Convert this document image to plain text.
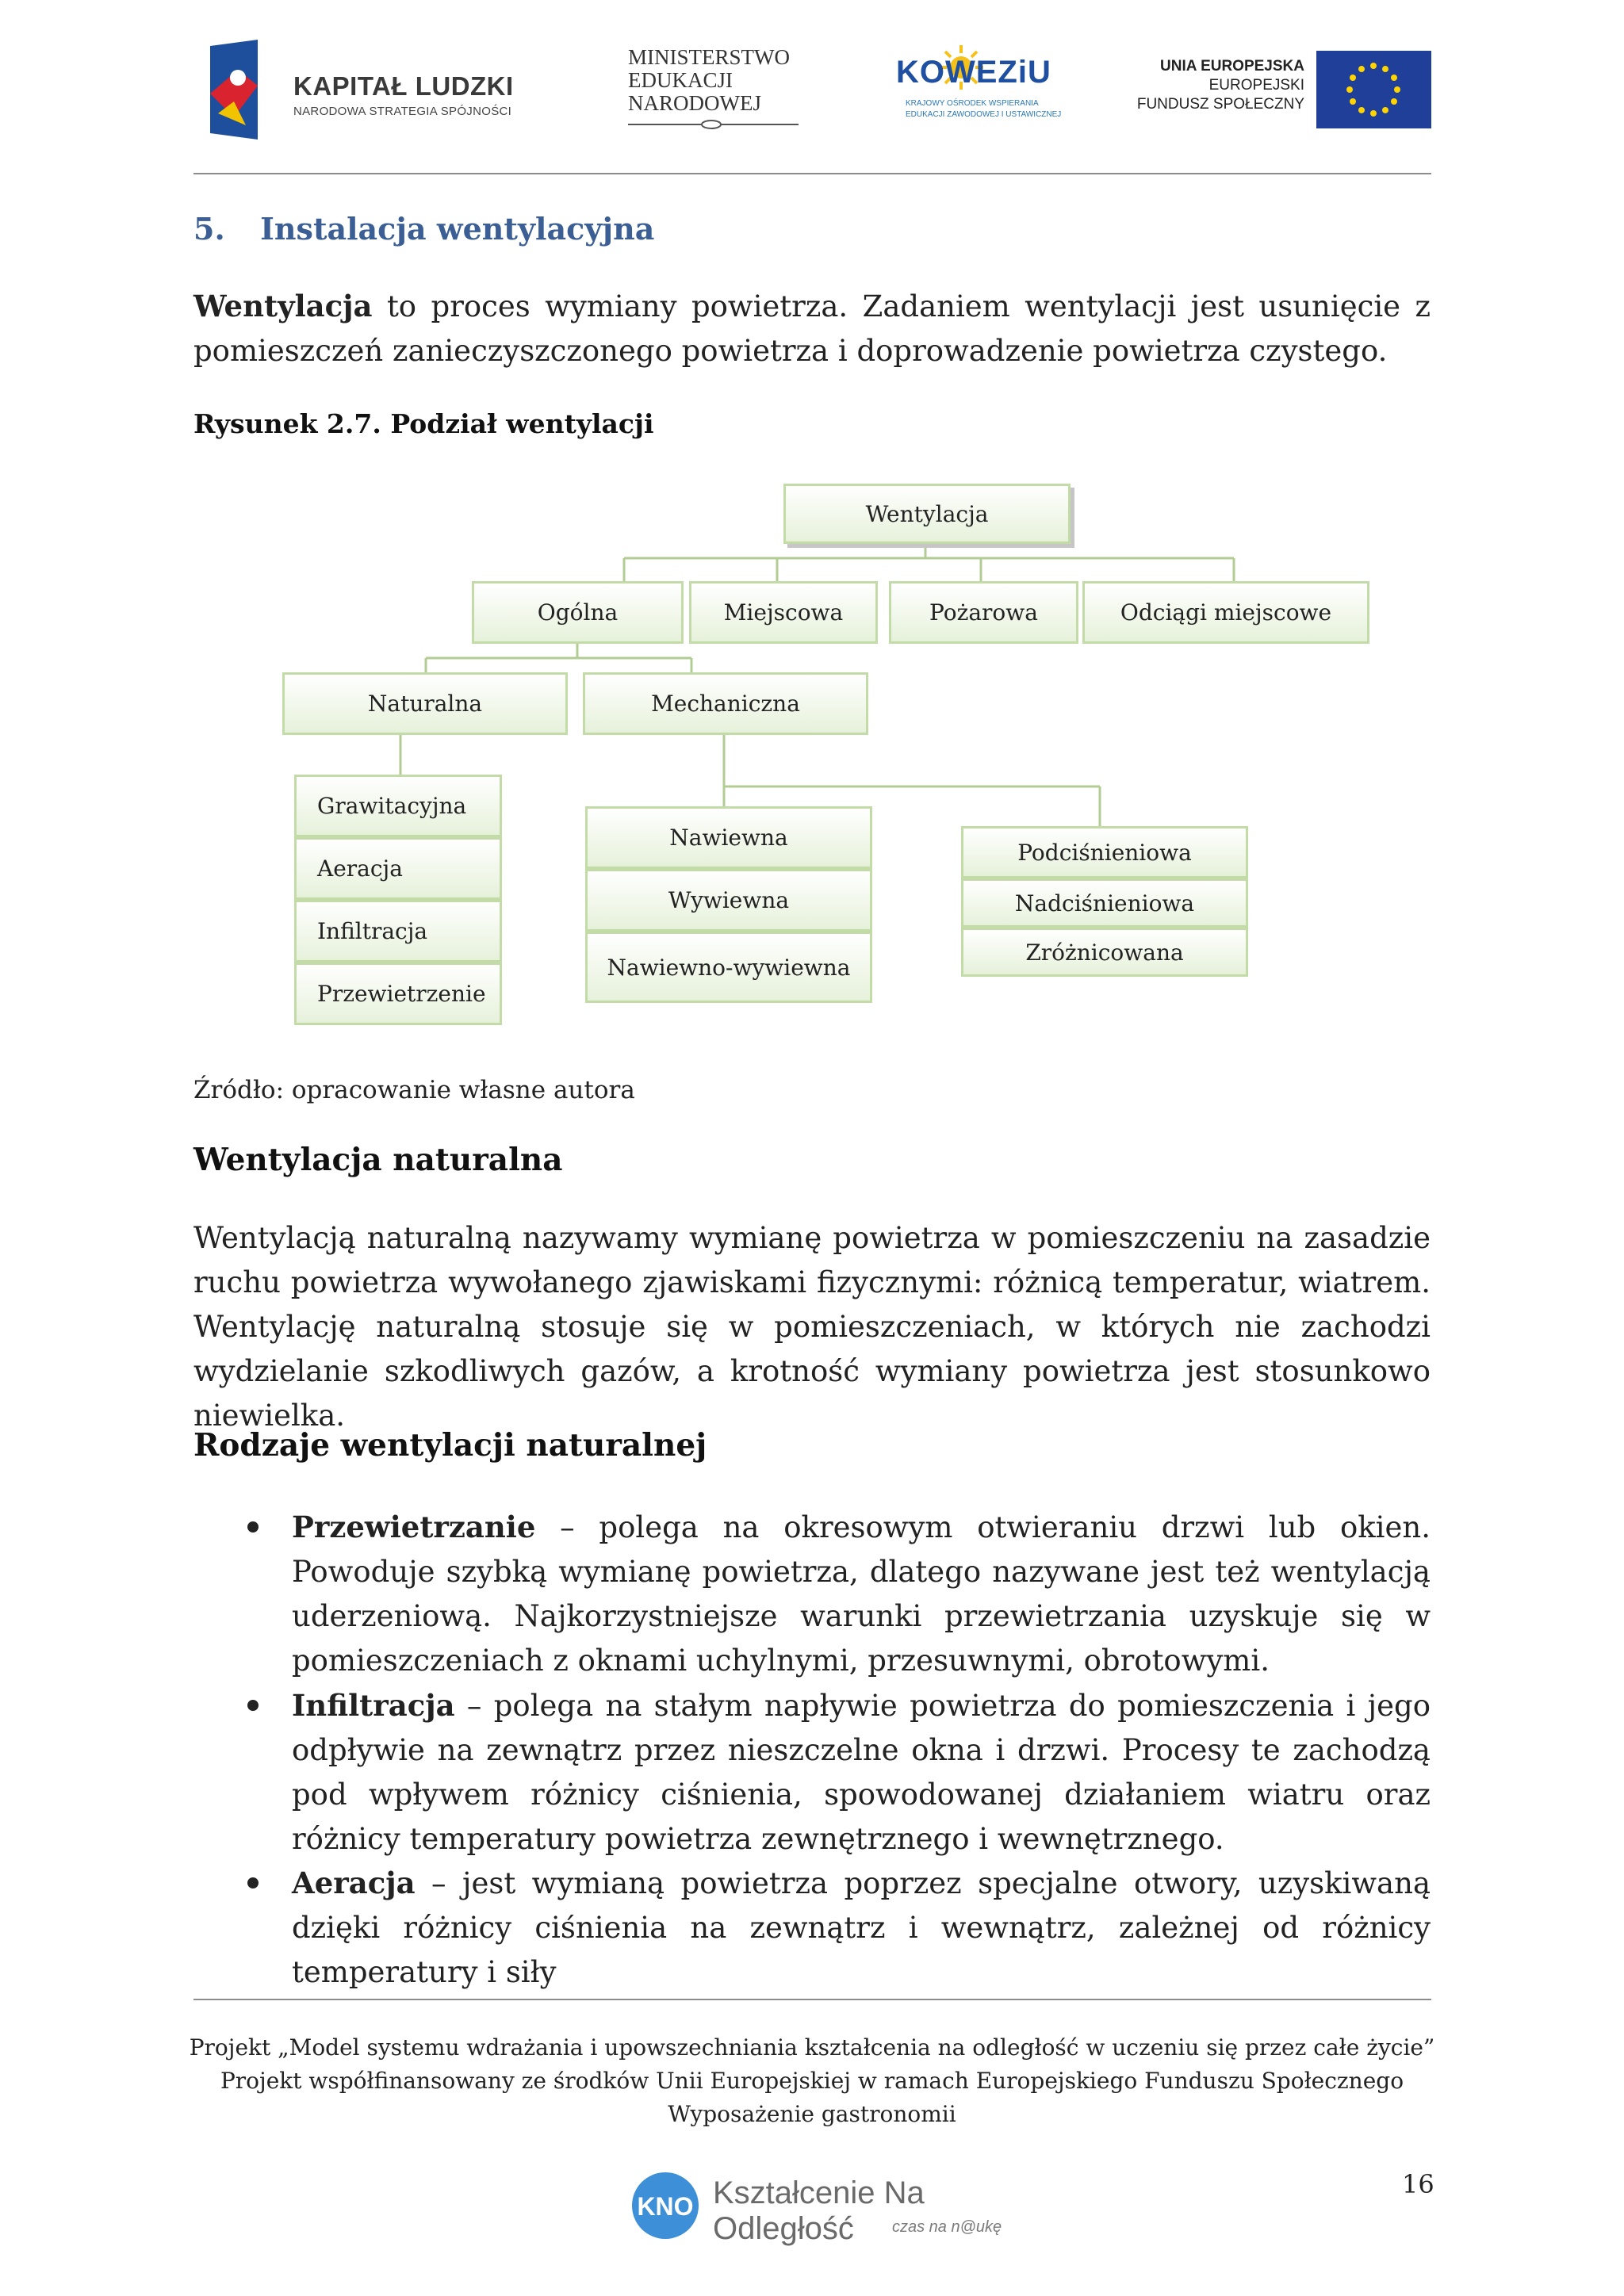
KAPITAŁ LUDZKI
NARODOWA STRATEGIA SPÓJNOŚCI
MINISTERSTWO
EDUKACJI
NARODOWEJ
KOWEZiU
KRAJOWY OŚRODEK WSPIERANIA
EDUKACJI ZAWODOWEJ I USTAWICZNEJ
UNIA EUROPEJSKA
EUROPEJSKI
FUNDUSZ SPOŁECZNY
5. Instalacja wentylacyjna
Wentylacja to proces wymiany powietrza. Zadaniem wentylacji jest usunięcie z pomieszczeń zanieczyszczonego powietrza i doprowadzenie powietrza czystego.
Rysunek 2.7. Podział wentylacji
Wentylacja
Ogólna	Miejscowa	Pożarowa	Odciągi miejscowe
Naturalna	Mechaniczna
Grawitacyjna
Aeracja
Infiltracja
Przewietrzenie
Nawiewna
Wywiewna
Nawiewno-wywiewna
Podciśnieniowa
Nadciśnieniowa
Zróżnicowana
Źródło: opracowanie własne autora
Wentylacja naturalna
Wentylacją naturalną nazywamy wymianę powietrza w pomieszczeniu na zasadzie ruchu powietrza wywołanego zjawiskami fizycznymi: różnicą temperatur, wiatrem. Wentylację naturalną stosuje się w pomieszczeniach, w których nie zachodzi wydzielanie szkodliwych gazów, a krotność wymiany powietrza jest stosunkowo niewielka.
Rodzaje wentylacji naturalnej
Przewietrzanie – polega na okresowym otwieraniu drzwi lub okien. Powoduje szybką wymianę powietrza, dlatego nazywane jest też wentylacją uderzeniową. Najkorzystniejsze warunki przewietrzania uzyskuje się w pomieszczeniach z oknami uchylnymi, przesuwnymi, obrotowymi.
Infiltracja – polega na stałym napływie powietrza do pomieszczenia i jego odpływie na zewnątrz przez nieszczelne okna i drzwi. Procesy te zachodzą pod wpływem różnicy ciśnienia, spowodowanej działaniem wiatru oraz różnicy temperatury powietrza zewnętrznego i wewnętrznego.
Aeracja – jest wymianą powietrza poprzez specjalne otwory, uzyskiwaną dzięki różnicy ciśnienia na zewnątrz i wewnątrz, zależnej od różnicy temperatury i siły
Projekt „Model systemu wdrażania i upowszechniania kształcenia na odległość w uczeniu się przez całe życie”
Projekt współfinansowany ze środków Unii Europejskiej w ramach Europejskiego Funduszu Społecznego
Wyposażenie gastronomii
16
KNO Kształcenie Na Odległość	czas na n@ukę
